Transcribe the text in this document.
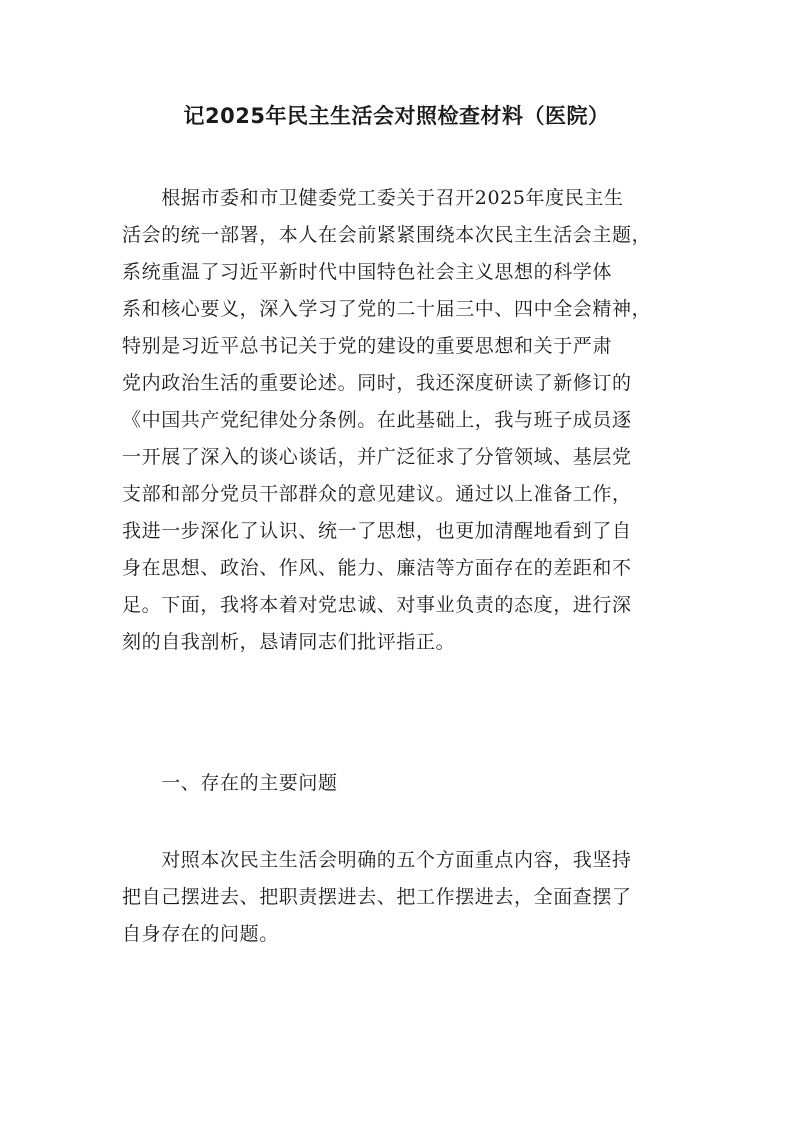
记2025年民主生活会对照检查材料（医院）
　　根据市委和市卫健委党工委关于召开2025年度民主生
活会的统一部署，本人在会前紧紧围绕本次民主生活会主题，
系统重温了习近平新时代中国特色社会主义思想的科学体
系和核心要义，深入学习了党的二十届三中、四中全会精神，
特别是习近平总书记关于党的建设的重要思想和关于严肃
党内政治生活的重要论述。同时，我还深度研读了新修订的
《中国共产党纪律处分条例。在此基础上，我与班子成员逐
一开展了深入的谈心谈话，并广泛征求了分管领域、基层党
支部和部分党员干部群众的意见建议。通过以上准备工作，
我进一步深化了认识、统一了思想，也更加清醒地看到了自
身在思想、政治、作风、能力、廉洁等方面存在的差距和不
足。下面，我将本着对党忠诚、对事业负责的态度，进行深
刻的自我剖析，恳请同志们批评指正。
　　一、存在的主要问题
　　对照本次民主生活会明确的五个方面重点内容，我坚持
把自己摆进去、把职责摆进去、把工作摆进去，全面查摆了
自身存在的问题。
